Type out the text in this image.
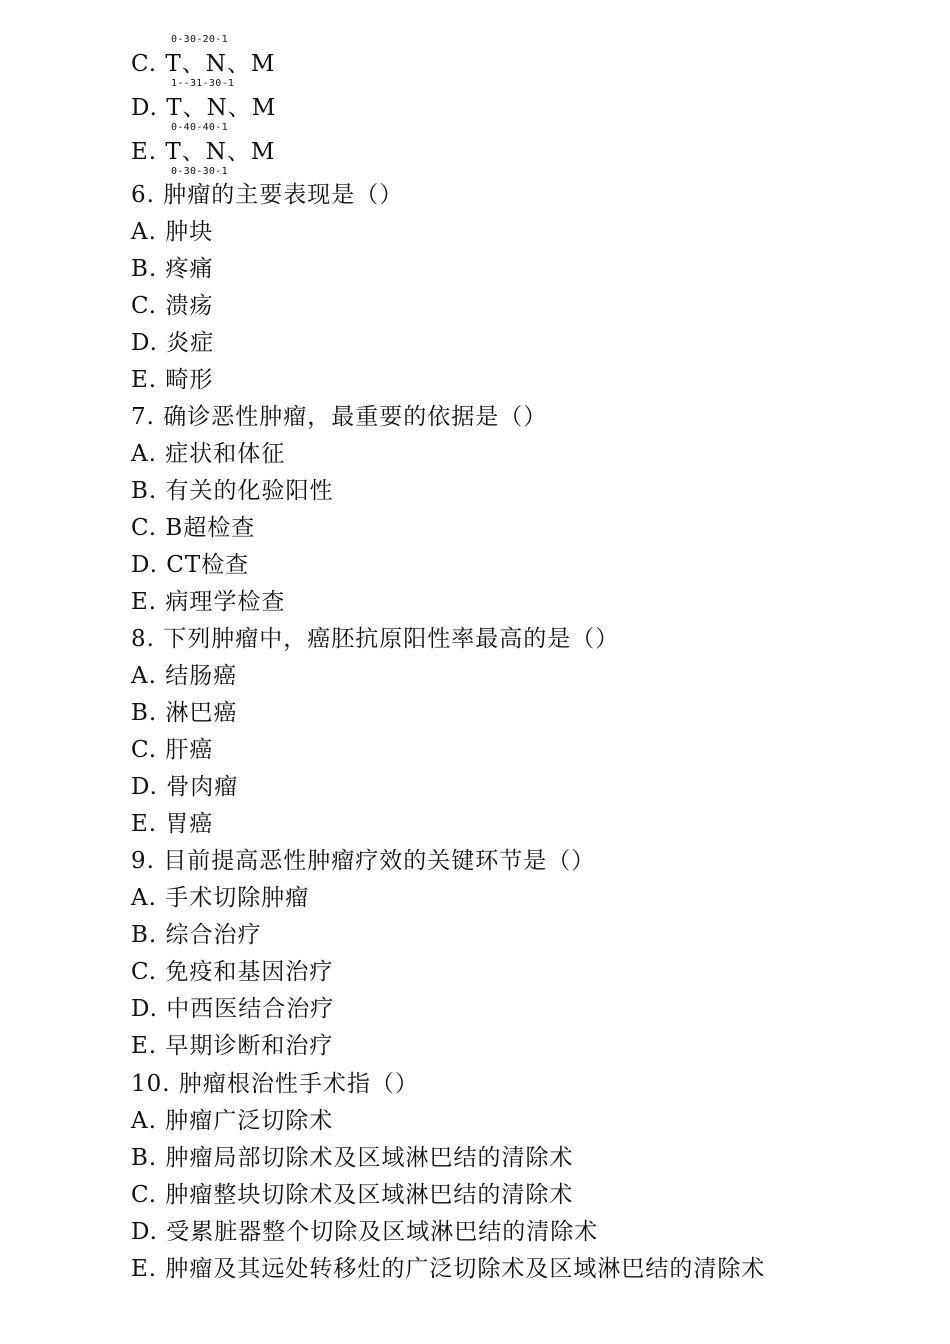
0-30-20-1
C. T、N、M
1--31-30-1
D. T、N、M
0-40-40-1
E. T、N、M
0-30-30-1
6. 肿瘤的主要表现是（）
A. 肿块
B. 疼痛
C. 溃疡
D. 炎症
E. 畸形
7. 确诊恶性肿瘤，最重要的依据是（）
A. 症状和体征
B. 有关的化验阳性
C. B超检查
D. CT检查
E. 病理学检查
8. 下列肿瘤中，癌胚抗原阳性率最高的是（）
A. 结肠癌
B. 淋巴癌
C. 肝癌
D. 骨肉瘤
E. 胃癌
9. 目前提高恶性肿瘤疗效的关键环节是（）
A. 手术切除肿瘤
B. 综合治疗
C. 免疫和基因治疗
D. 中西医结合治疗
E. 早期诊断和治疗
10. 肿瘤根治性手术指（）
A. 肿瘤广泛切除术
B. 肿瘤局部切除术及区域淋巴结的清除术
C. 肿瘤整块切除术及区域淋巴结的清除术
D. 受累脏器整个切除及区域淋巴结的清除术
E. 肿瘤及其远处转移灶的广泛切除术及区域淋巴结的清除术
